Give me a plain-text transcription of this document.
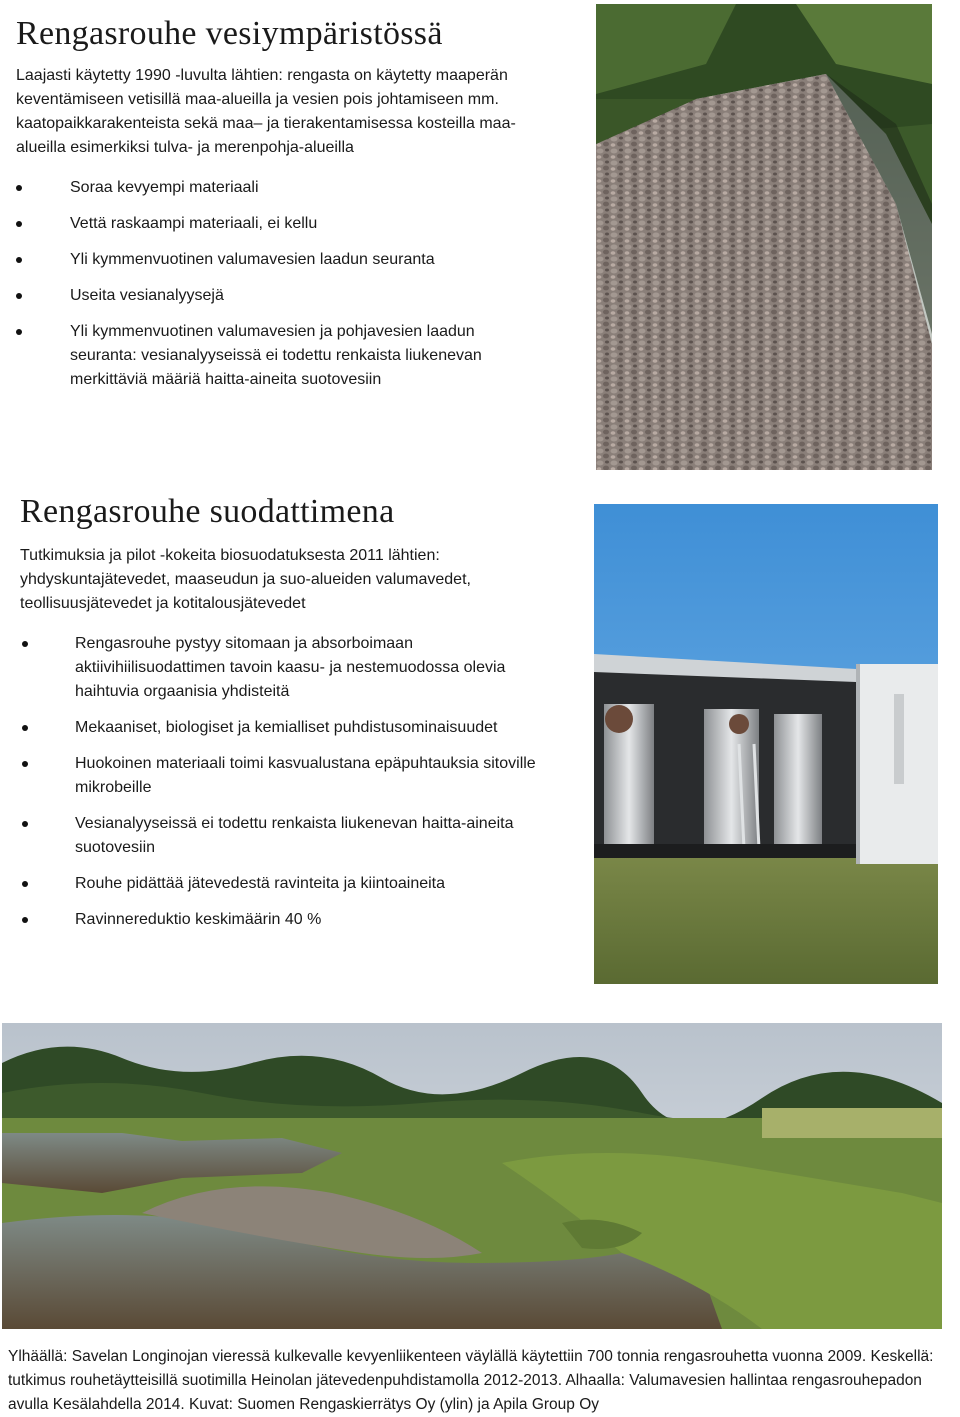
Rengasrouhe vesiympäristössä

Laajasti käytetty 1990 -luvulta lähtien: rengasta on käytetty maaperän keventämiseen vetisillä maa-alueilla ja vesien pois johtamiseen mm. kaatopaikkarakenteista sekä maa– ja tierakentamisessa kosteilla maa-alueilla esimerkiksi tulva- ja merenpohja-alueilla

Soraa kevyempi materiaali
Vettä raskaampi materiaali, ei kellu
Yli kymmenvuotinen valumavesien laadun seuranta
Useita vesianalyysejä
Yli kymmenvuotinen valumavesien ja pohjavesien laadun seuranta: vesianalyyseissä ei todettu renkaista liukenevan merkittäviä määriä haitta-aineita suotovesiin
Rengasrouhe suodattimena

Tutkimuksia ja pilot -kokeita biosuodatuksesta 2011 lähtien: yhdyskuntajätevedet, maaseudun ja suo-alueiden valumavedet, teollisuusjätevedet ja kotitalousjätevedet

Rengasrouhe pystyy sitomaan ja absorboimaan aktiivihiilisuodattimen tavoin kaasu- ja nestemuodossa olevia haihtuvia orgaanisia yhdisteitä
Mekaaniset, biologiset ja kemialliset puhdistusominaisuudet
Huokoinen materiaali toimi kasvualustana epäpuhtauksia sitoville mikrobeille
Vesianalyyseissä ei todettu renkaista liukenevan haitta-aineita suotovesiin
Rouhe pidättää jätevedestä ravinteita ja kiintoaineita
Ravinnereduktio keskimäärin 40 %

Ylhäällä: Savelan Longinojan vieressä kulkevalle kevyenliikenteen väylällä käytettiin 700 tonnia rengasrouhetta vuonna 2009. Keskellä: tutkimus rouhetäytteisillä suotimilla Heinolan jätevedenpuhdistamolla 2012-2013. Alhaalla: Valumavesien hallintaa rengasrouhepadon avulla Kesälahdella 2014. Kuvat: Suomen Rengaskierrätys Oy (ylin) ja Apila Group Oy
